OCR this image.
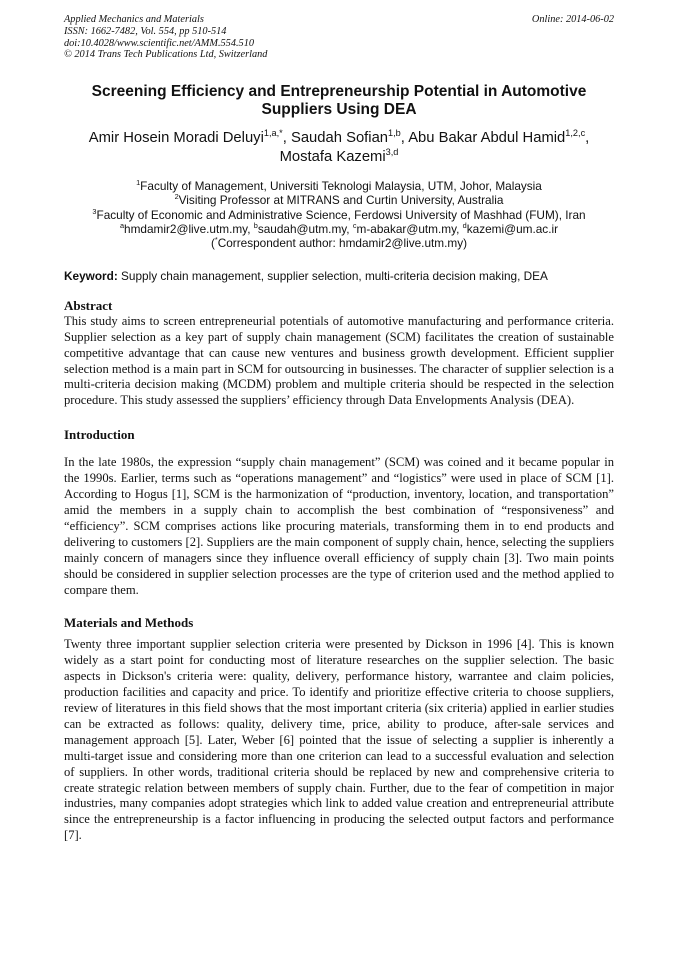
Applied Mechanics and Materials	Online: 2014-06-02
ISSN: 1662-7482, Vol. 554, pp 510-514
doi:10.4028/www.scientific.net/AMM.554.510
© 2014 Trans Tech Publications Ltd, Switzerland
Screening Efficiency and Entrepreneurship Potential in Automotive
Suppliers Using DEA
Amir Hosein Moradi Deluyi$^{1,a,*}$, Saudah Sofian$^{1,b}$, Abu Bakar Abdul Hamid$^{1,2,c}$,
Mostafa Kazemi$^{3,d}$
$^1$Faculty of Management, Universiti Teknologi Malaysia, UTM, Johor, Malaysia
$^2$Visiting Professor at MITRANS and Curtin University, Australia
$^3$Faculty of Economic and Administrative Science, Ferdowsi University of Mashhad (FUM), Iran
$^a$hmdamir2@live.utm.my, $^b$saudah@utm.my, $^c$m-abakar@utm.my, $^d$kazemi@um.ac.ir
(*Correspondent author: hmdamir2@live.utm.my)
Keyword: Supply chain management, supplier selection, multi-criteria decision making, DEA
Abstract
This study aims to screen entrepreneurial potentials of automotive manufacturing and performance criteria. Supplier selection as a key part of supply chain management (SCM) facilitates the creation of sustainable competitive advantage that can cause new ventures and business growth development. Efficient supplier selection method is a main part in SCM for outsourcing in businesses. The character of supplier selection is a multi-criteria decision making (MCDM) problem and multiple criteria should be respected in the selection procedure. This study assessed the suppliers’ efficiency through Data Envelopments Analysis (DEA).
Introduction
In the late 1980s, the expression “supply chain management” (SCM) was coined and it became popular in the 1990s. Earlier, terms such as “operations management” and “logistics” were used in place of SCM [1]. According to Hogus [1], SCM is the harmonization of “production, inventory, location, and transportation” amid the members in a supply chain to accomplish the best combination of “responsiveness” and “efficiency”. SCM comprises actions like procuring materials, transforming them in to end products and delivering to customers [2]. Suppliers are the main component of supply chain, hence, selecting the suppliers mainly concern of managers since they influence overall efficiency of supply chain [3]. Two main points should be considered in supplier selection processes are the type of criterion used and the method applied to compare them.
Materials and Methods
Twenty three important supplier selection criteria were presented by Dickson in 1996 [4]. This is known widely as a start point for conducting most of literature researches on the supplier selection. The basic aspects in Dickson's criteria were: quality, delivery, performance history, warrantee and claim policies, production facilities and capacity and price. To identify and prioritize effective criteria to choose suppliers, review of literatures in this field shows that the most important criteria (six criteria) applied in earlier studies can be extracted as follows: quality, delivery time, price, ability to produce, after-sale services and management approach [5]. Later, Weber [6] pointed that the issue of selecting a supplier is inherently a multi-target issue and considering more than one criterion can lead to a successful evaluation and selection of suppliers. In other words, traditional criteria should be replaced by new and comprehensive criteria to create strategic relation between members of supply chain. Further, due to the fear of competition in major industries, many companies adopt strategies which link to added value creation and entrepreneurial attribute since the entrepreneurship is a factor influencing in producing the selected output factors and performance [7].
